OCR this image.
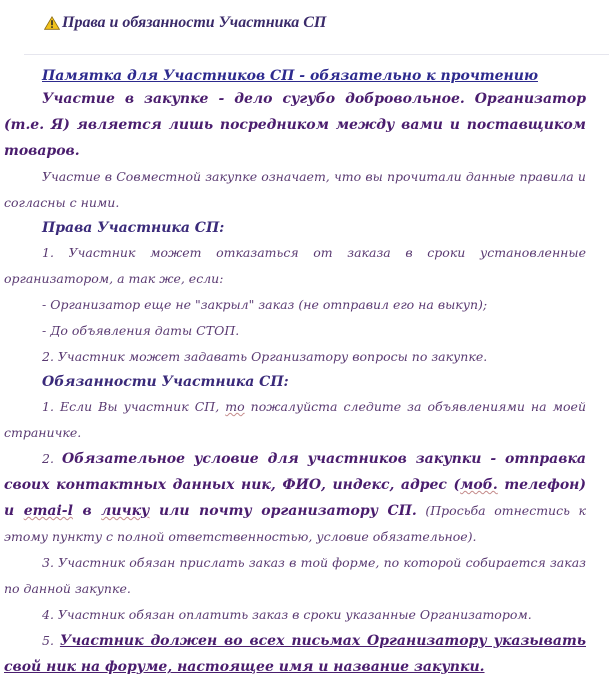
Права и обязанности Участника СП

Памятка для Участников СП - обязательно к прочтению

Участие в закупке - дело сугубо добровольное. Организатор (т.е. Я) является лишь посредником между вами и поставщиком товаров.

Участие в Совместной закупке означает, что вы прочитали данные правила и согласны с ними.

Права Участника СП:

1. Участник может отказаться от заказа в сроки установленные организатором, а так же, если:

- Организатор еще не "закрыл" заказ (не отправил его на выкуп);

- До объявления даты СТОП.

2. Участник может задавать Организатору вопросы по закупке.

Обязанности Участника СП:

1. Если Вы участник СП, то пожалуйста следите за объявлениями на моей страничке.

2. Обязательное условие для участников закупки - отправка своих контактных данных ник, ФИО, индекс, адрес (моб. телефон) и emai-l в личку или почту организатору СП. (Просьба отнестись к этому пункту с полной ответственностью, условие обязательное).

3. Участник обязан прислать заказ в той форме, по которой собирается заказ по данной закупке.

4. Участник обязан оплатить заказ в сроки указанные Организатором.

5. Участник должен во всех письмах Организатору указывать свой ник на форуме, настоящее имя и название закупки.
